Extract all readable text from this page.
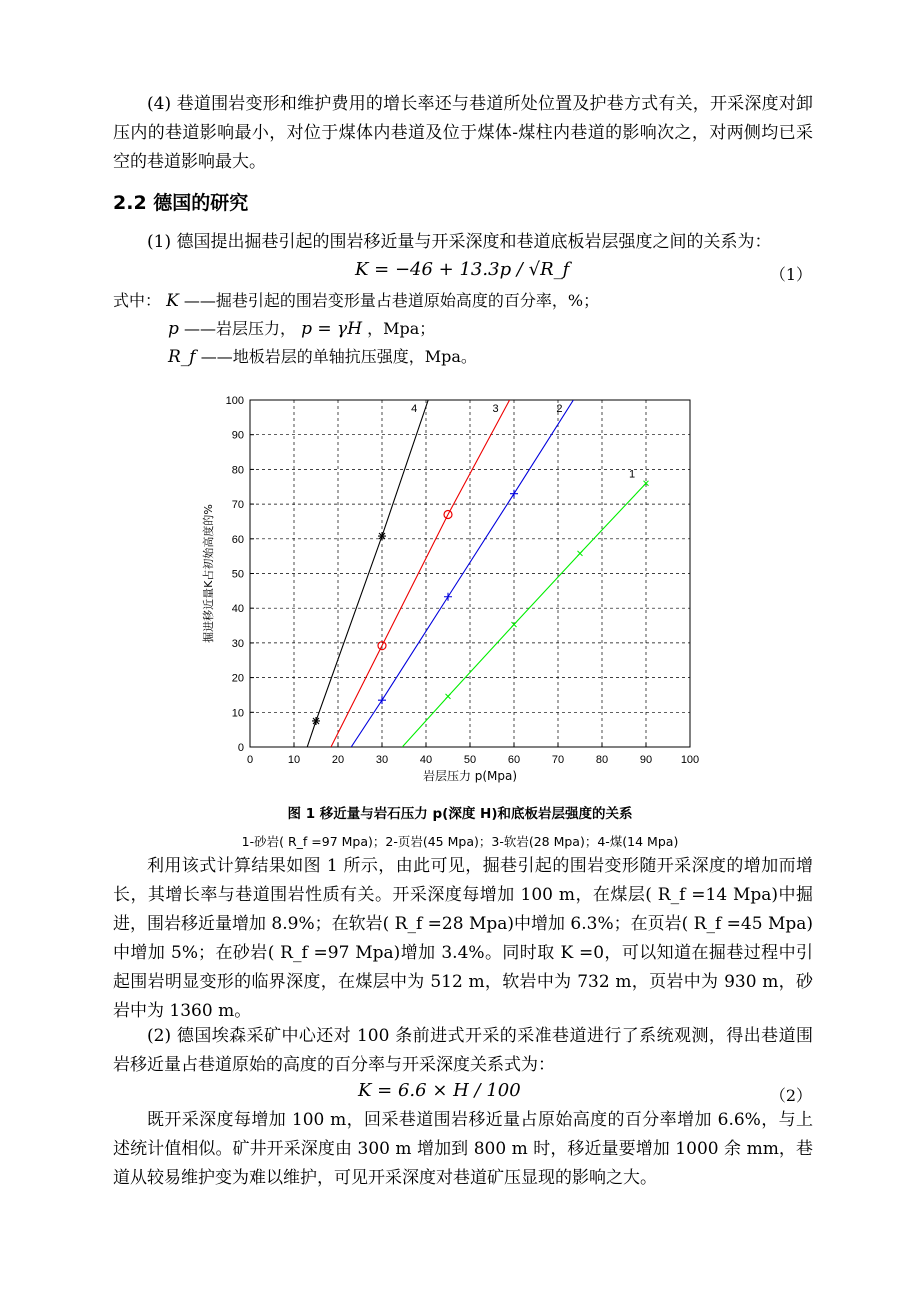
(4) 巷道围岩变形和维护费用的增长率还与巷道所处位置及护巷方式有关，开采深度对卸压内的巷道影响最小，对位于煤体内巷道及位于煤体-煤柱内巷道的影响次之，对两侧均已采空的巷道影响最大。

2.2 德国的研究

(1) 德国提出掘巷引起的围岩移近量与开采深度和巷道底板岩层强度之间的关系为：

K = −46 + 13.3p / √R_f	（1）
式中： K ——掘巷引起的围岩变形量占巷道原始高度的百分率，%；
p ——岩层压力， p = γH ，Mpa；
R_f ——地板岩层的单轴抗压强度，Mpa。
0	10	20	30	40	50	60	70	80	90	100
0
10
20
30
40
50
60
70
80
90
100
岩层压力 p(Mpa)
掘进移近量K占初始高度的%
1
2
3
4
图 1 移近量与岩石压力 p(深度 H)和底板岩层强度的关系
1-砂岩( R_f =97 Mpa)；2-页岩(45 Mpa)；3-软岩(28 Mpa)；4-煤(14 Mpa)

利用该式计算结果如图 1 所示，由此可见，掘巷引起的围岩变形随开采深度的增加而增长，其增长率与巷道围岩性质有关。开采深度每增加 100 m，在煤层( R_f =14 Mpa)中掘进，围岩移近量增加 8.9%；在软岩( R_f =28 Mpa)中增加 6.3%；在页岩( R_f =45 Mpa)中增加 5%；在砂岩( R_f =97 Mpa)增加 3.4%。同时取 K =0，可以知道在掘巷过程中引起围岩明显变形的临界深度，在煤层中为 512 m，软岩中为 732 m，页岩中为 930 m，砂岩中为 1360 m。

(2) 德国埃森采矿中心还对 100 条前进式开采的采准巷道进行了系统观测，得出巷道围岩移近量占巷道原始的高度的百分率与开采深度关系式为：

K = 6.6 × H / 100	（2）

既开采深度每增加 100 m，回采巷道围岩移近量占原始高度的百分率增加 6.6%，与上述统计值相似。矿井开采深度由 300 m 增加到 800 m 时，移近量要增加 1000 余 mm，巷道从较易维护变为难以维护，可见开采深度对巷道矿压显现的影响之大。
